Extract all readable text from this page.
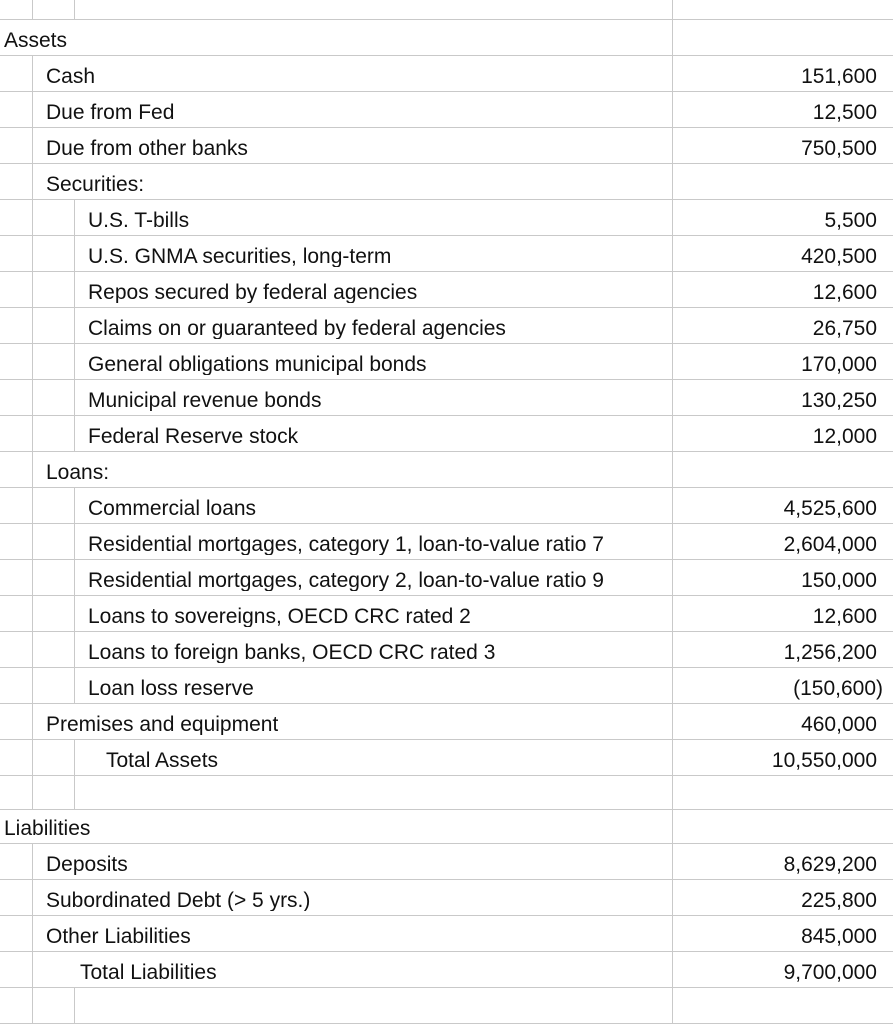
Assets
Cash	151,600
Due from Fed	12,500
Due from other banks	750,500
Securities:
U.S. T-bills	5,500
U.S. GNMA securities, long-term	420,500
Repos secured by federal agencies	12,600
Claims on or guaranteed by federal agencies	26,750
General obligations municipal bonds	170,000
Municipal revenue bonds	130,250
Federal Reserve stock	12,000
Loans:
Commercial loans	4,525,600
Residential mortgages, category 1, loan-to-value ratio 7	2,604,000
Residential mortgages, category 2, loan-to-value ratio 9	150,000
Loans to sovereigns, OECD CRC rated 2	12,600
Loans to foreign banks, OECD CRC rated 3	1,256,200
Loan loss reserve	(150,600)
Premises and equipment	460,000
Total Assets	10,550,000
Liabilities
Deposits	8,629,200
Subordinated Debt (> 5 yrs.)	225,800
Other Liabilities	845,000
Total Liabilities	9,700,000
